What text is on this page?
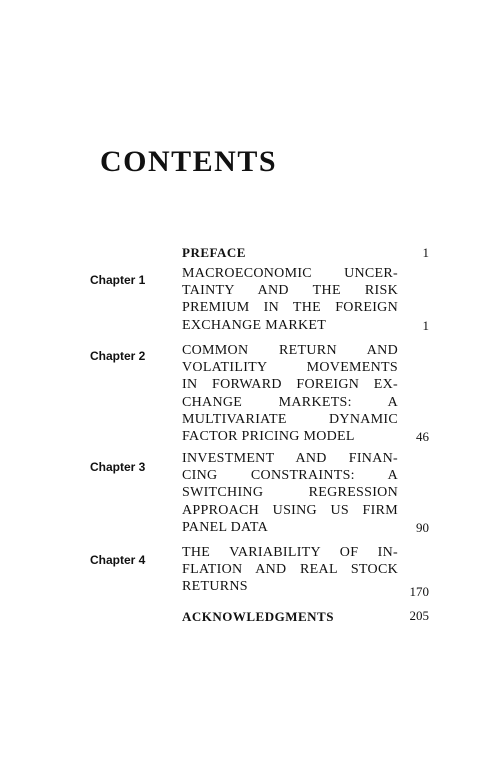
CONTENTS
PREFACE	1
Chapter 1	MACROECONOMIC UNCER-
TAINTY AND THE RISK
PREMIUM IN THE FOREIGN
EXCHANGE MARKET	1
Chapter 2	COMMON RETURN AND
VOLATILITY MOVEMENTS
IN FORWARD FOREIGN EX-
CHANGE MARKETS: A
MULTIVARIATE DYNAMIC
FACTOR PRICING MODEL	46
Chapter 3
INVESTMENT AND FINAN-
CING CONSTRAINTS: A
SWITCHING REGRESSION
APPROACH USING US FIRM
PANEL DATA	90
Chapter 4	THE VARIABILITY OF IN-
FLATION AND REAL STOCK
RETURNS	170
ACKNOWLEDGMENTS	205
